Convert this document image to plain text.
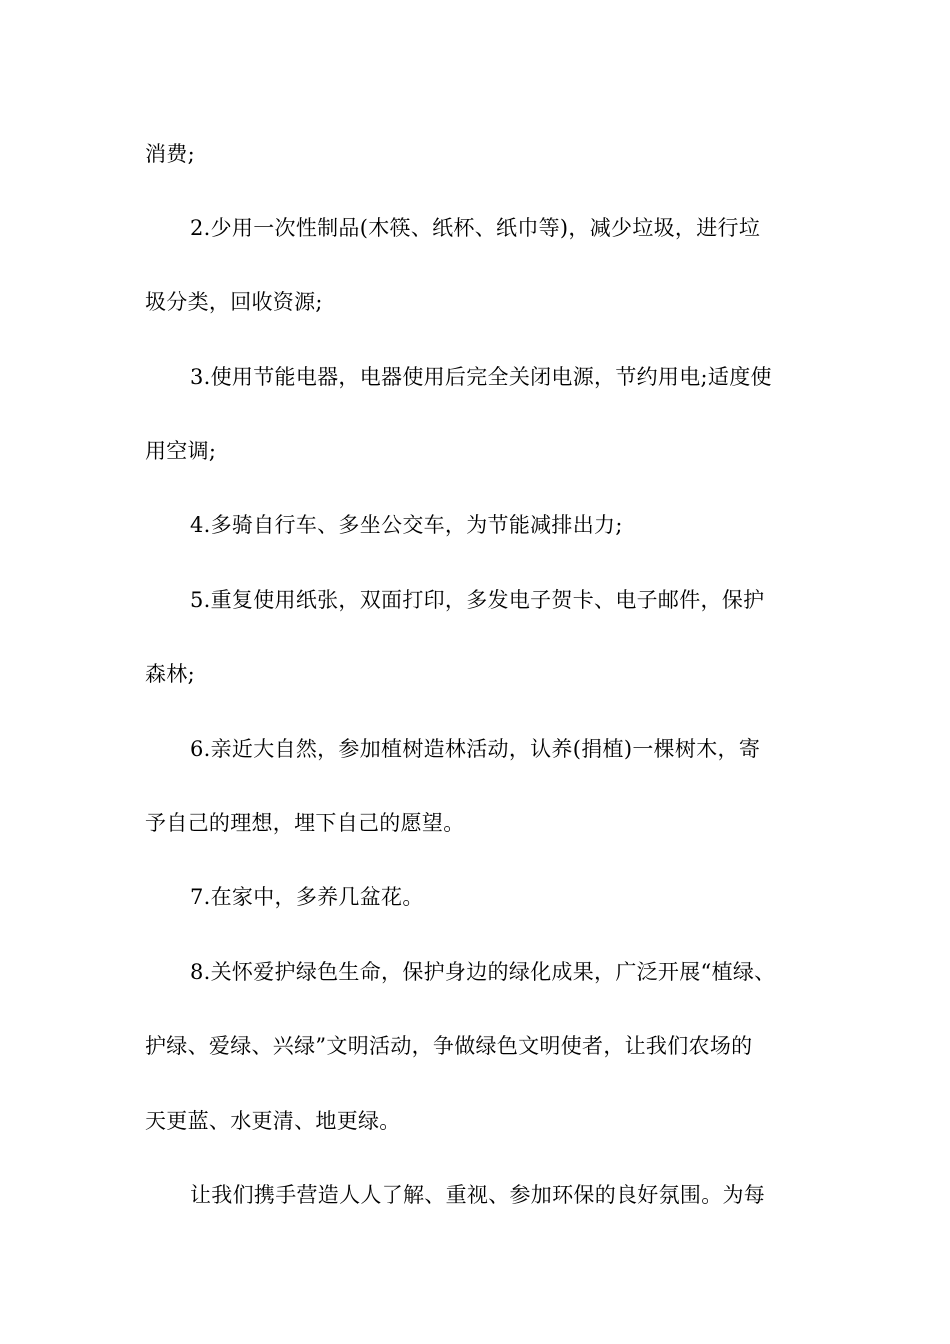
消费;
2.少用一次性制品(木筷、纸杯、纸巾等)，减少垃圾，进行垃
圾分类，回收资源;
3.使用节能电器，电器使用后完全关闭电源，节约用电;适度使
用空调;
4.多骑自行车、多坐公交车，为节能减排出力;
5.重复使用纸张，双面打印，多发电子贺卡、电子邮件，保护
森林;
6.亲近大自然，参加植树造林活动，认养(捐植)一棵树木，寄
予自己的理想，埋下自己的愿望。
7.在家中，多养几盆花。
8.关怀爱护绿色生命，保护身边的绿化成果，广泛开展“植绿、
护绿、爱绿、兴绿”文明活动，争做绿色文明使者，让我们农场的
天更蓝、水更清、地更绿。
让我们携手营造人人了解、重视、参加环保的良好氛围。为每
